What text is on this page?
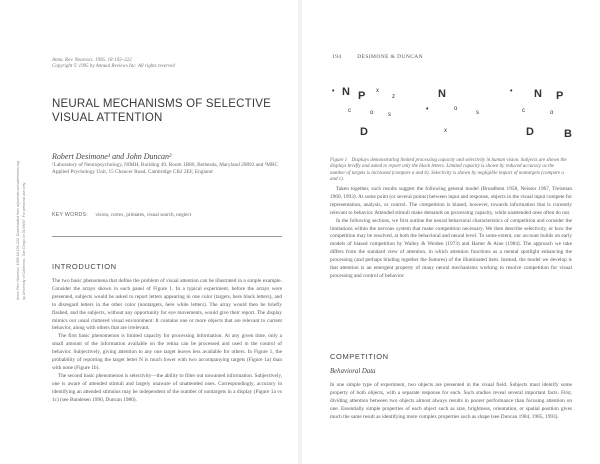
Annu. Rev. Neurosci. 1995. 18:193–222
Copyright © 1995 by Annual Reviews Inc. All rights reserved
NEURAL MECHANISMS OF SELECTIVE VISUAL ATTENTION
Robert Desimone¹ and John Duncan²
¹Laboratory of Neuropsychology, NIMH, Building 49, Room 1B80, Bethesda, Maryland 20892 and ²MRC Applied Psychology Unit, 15 Chaucer Road, Cambridge CB2 2EF, England
KEY WORDS: vision, cortex, primates, visual search, neglect
Annu. Rev. Neurosci. 1995.18:193-222. Downloaded from arjournals.annualreviews.org by University of California - San Diego on 01/09/07. For personal use only.	INTRODUCTION

The two basic phenomena that define the problem of visual attention can be illustrated in a simple example. Consider the arrays shown in each panel of Figure 1. In a typical experiment, before the arrays were presented, subjects would be asked to report letters appearing in one color (targets, here black letters), and to disregard letters in the other color (nontargets, here white letters). The array would then be briefly flashed, and the subjects, without any opportunity for eye movements, would give their report. The display mimics our usual cluttered visual environment: It contains one or more objects that are relevant to current behavior, along with others that are irrelevant.

The first basic phenomenon is limited capacity for processing information. At any given time, only a small amount of the information available on the retina can be processed and used in the control of behavior. Subjectively, giving attention to any one target leaves less available for others. In Figure 1, the probability of reporting the target letter N is much lower with two accompanying targets (Figure 1a) than with none (Figure 1b).

The second basic phenomenon is selectivity—the ability to filter out unwanted information. Subjectively, one is aware of attended stimuli and largely unaware of unattended ones. Correspondingly, accuracy in identifying an attended stimulus may be independent of the number of nontargets in a display (Figure 1a vs 1c) (see Bundesen 1990, Duncan 1980).

194	DESIMONE & DUNCAN
• N P x
z
c	o s
D
N
•	o
s
x
• N P
c	o
D	B
Figure 1 Displays demonstrating limited processing capacity and selectivity in human vision. Subjects are shown the displays briefly and asked to report only the black letters. Limited capacity is shown by reduced accuracy as the number of targets is increased (compare a and b). Selectivity is shown by negligible impact of nontargets (compare a and c).

Taken together, such results suggest the following general model (Broadbent 1958, Neisser 1967, Treisman 1960, 1993). At some point (or several points) between input and response, objects in the visual input compete for representation, analysis, or control. The competition is biased, however, towards information that is currently relevant to behavior. Attended stimuli make demands on processing capacity, while unattended ones often do not.

In the following sections, we first outline the neural behavioral characteristics of competition and consider the limitations within the nervous system that make competition necessary. We then describe selectivity, or how the competition may be resolved, at both the behavioral and neural level. To some extent, our account builds on early models of biased competition by Walley & Weiden (1973) and Harter & Aine (1984). The approach we take differs from the standard view of attention, in which attention functions as a mental spotlight enhancing the processing (and perhaps binding together the features) of the illuminated item. Instead, the model we develop is that attention is an emergent property of many neural mechanisms working to resolve competition for visual processing and control of behavior.

COMPETITION
Behavioral Data

In one simple type of experiment, two objects are presented in the visual field. Subjects must identify some property of both objects, with a separate response for each. Such studies reveal several important facts. First, dividing attention between two objects almost always results in poorer performance than focusing attention on one. Essentially simple properties of each object such as size, brightness, orientation, or spatial position gives much the same result as identifying more complex properties such as shape (see Duncan 1984, 1985, 1993).
